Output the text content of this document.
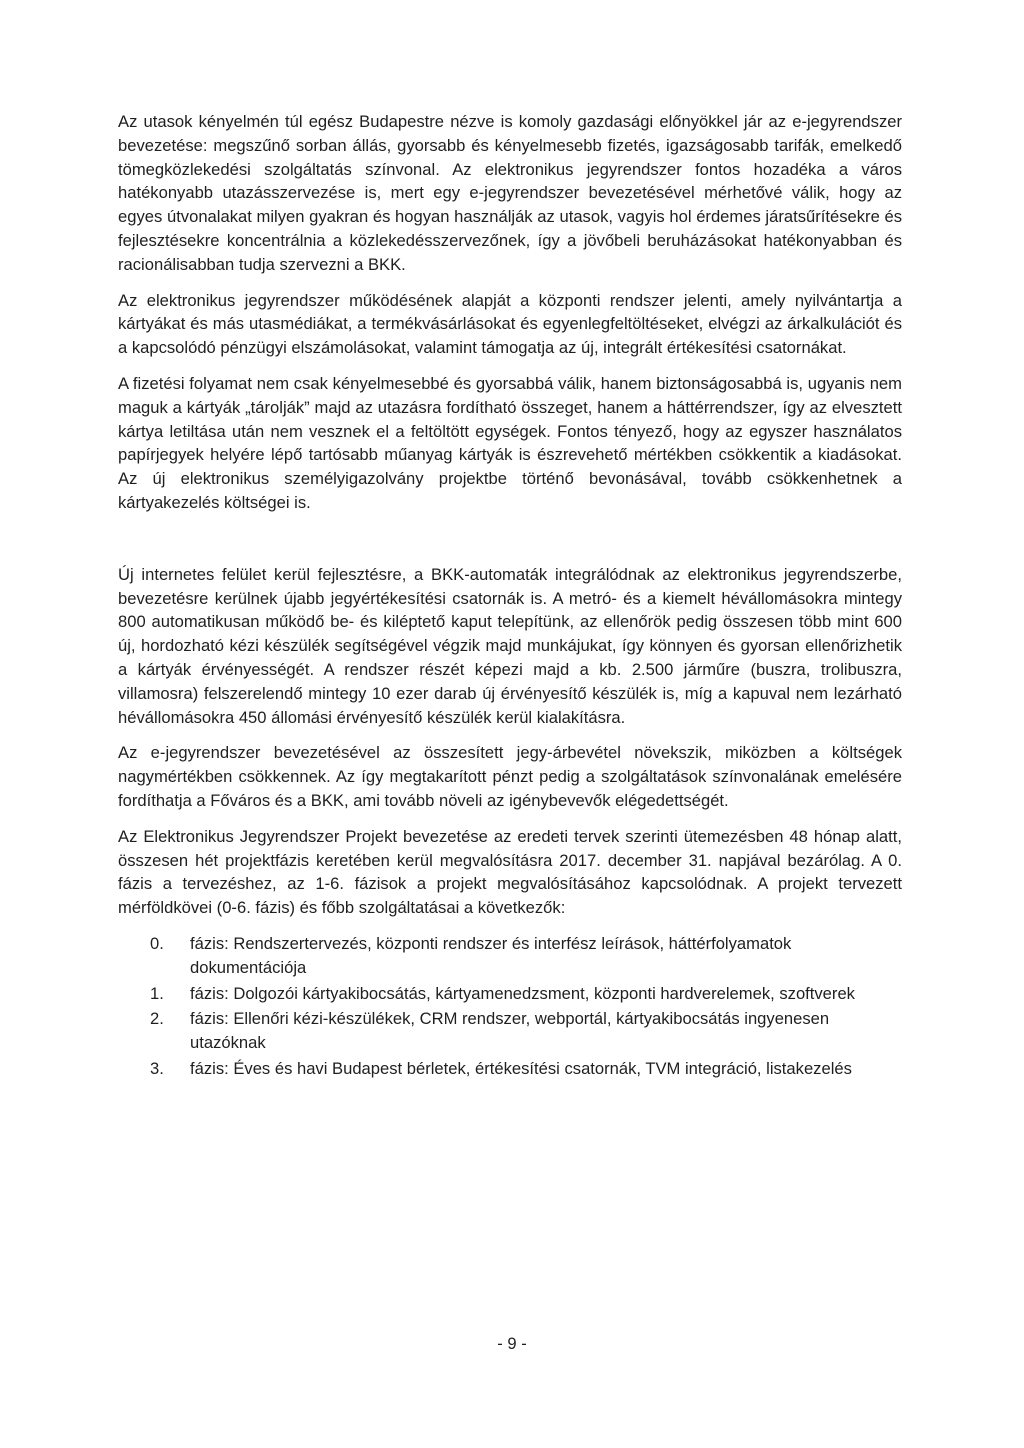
Az utasok kényelmén túl egész Budapestre nézve is komoly gazdasági előnyökkel jár az e-jegyrendszer bevezetése: megszűnő sorban állás, gyorsabb és kényelmesebb fizetés, igazságosabb tarifák, emelkedő tömegközlekedési szolgáltatás színvonal. Az elektronikus jegyrendszer fontos hozadéka a város hatékonyabb utazásszervezése is, mert egy e-jegyrendszer bevezetésével mérhetővé válik, hogy az egyes útvonalakat milyen gyakran és hogyan használják az utasok, vagyis hol érdemes járatsűrítésekre és fejlesztésekre koncentrálnia a közlekedésszervezőnek, így a jövőbeli beruházásokat hatékonyabban és racionálisabban tudja szervezni a BKK.

Az elektronikus jegyrendszer működésének alapját a központi rendszer jelenti, amely nyilvántartja a kártyákat és más utasmédiákat, a termékvásárlásokat és egyenlegfeltöltéseket, elvégzi az árkalkulációt és a kapcsolódó pénzügyi elszámolásokat, valamint támogatja az új, integrált értékesítési csatornákat.

A fizetési folyamat nem csak kényelmesebbé és gyorsabbá válik, hanem biztonságosabbá is, ugyanis nem maguk a kártyák „tárolják” majd az utazásra fordítható összeget, hanem a háttérrendszer, így az elvesztett kártya letiltása után nem vesznek el a feltöltött egységek. Fontos tényező, hogy az egyszer használatos papírjegyek helyére lépő tartósabb műanyag kártyák is észrevehető mértékben csökkentik a kiadásokat. Az új elektronikus személyigazolvány projektbe történő bevonásával, tovább csökkenhetnek a kártyakezelés költségei is.

Új internetes felület kerül fejlesztésre, a BKK-automaták integrálódnak az elektronikus jegyrendszerbe, bevezetésre kerülnek újabb jegyértékesítési csatornák is. A metró- és a kiemelt hévállomásokra mintegy 800 automatikusan működő be- és kiléptető kaput telepítünk, az ellenőrök pedig összesen több mint 600 új, hordozható kézi készülék segítségével végzik majd munkájukat, így könnyen és gyorsan ellenőrizhetik a kártyák érvényességét. A rendszer részét képezi majd a kb. 2.500 járműre (buszra, trolibuszra, villamosra) felszerelendő mintegy 10 ezer darab új érvényesítő készülék is, míg a kapuval nem lezárható hévállomásokra 450 állomási érvényesítő készülék kerül kialakításra.

Az e-jegyrendszer bevezetésével az összesített jegy-árbevétel növekszik, miközben a költségek nagymértékben csökkennek. Az így megtakarított pénzt pedig a szolgáltatások színvonalának emelésére fordíthatja a Főváros és a BKK, ami tovább növeli az igénybevevők elégedettségét.

Az Elektronikus Jegyrendszer Projekt bevezetése az eredeti tervek szerinti ütemezésben 48 hónap alatt, összesen hét projektfázis keretében kerül megvalósításra 2017. december 31. napjával bezárólag. A 0. fázis a tervezéshez, az 1-6. fázisok a projekt megvalósításához kapcsolódnak. A projekt tervezett mérföldkövei (0-6. fázis) és főbb szolgáltatásai a következők:

0.	fázis: Rendszertervezés, központi rendszer és interfész leírások, háttérfolyamatok dokumentációja
1.	fázis: Dolgozói kártyakibocsátás, kártyamenedzsment, központi hardverelemek, szoftverek
2.	fázis: Ellenőri kézi-készülékek, CRM rendszer, webportál, kártyakibocsátás ingyenesen utazóknak
3.	fázis: Éves és havi Budapest bérletek, értékesítési csatornák, TVM integráció, listakezelés
- 9 -
